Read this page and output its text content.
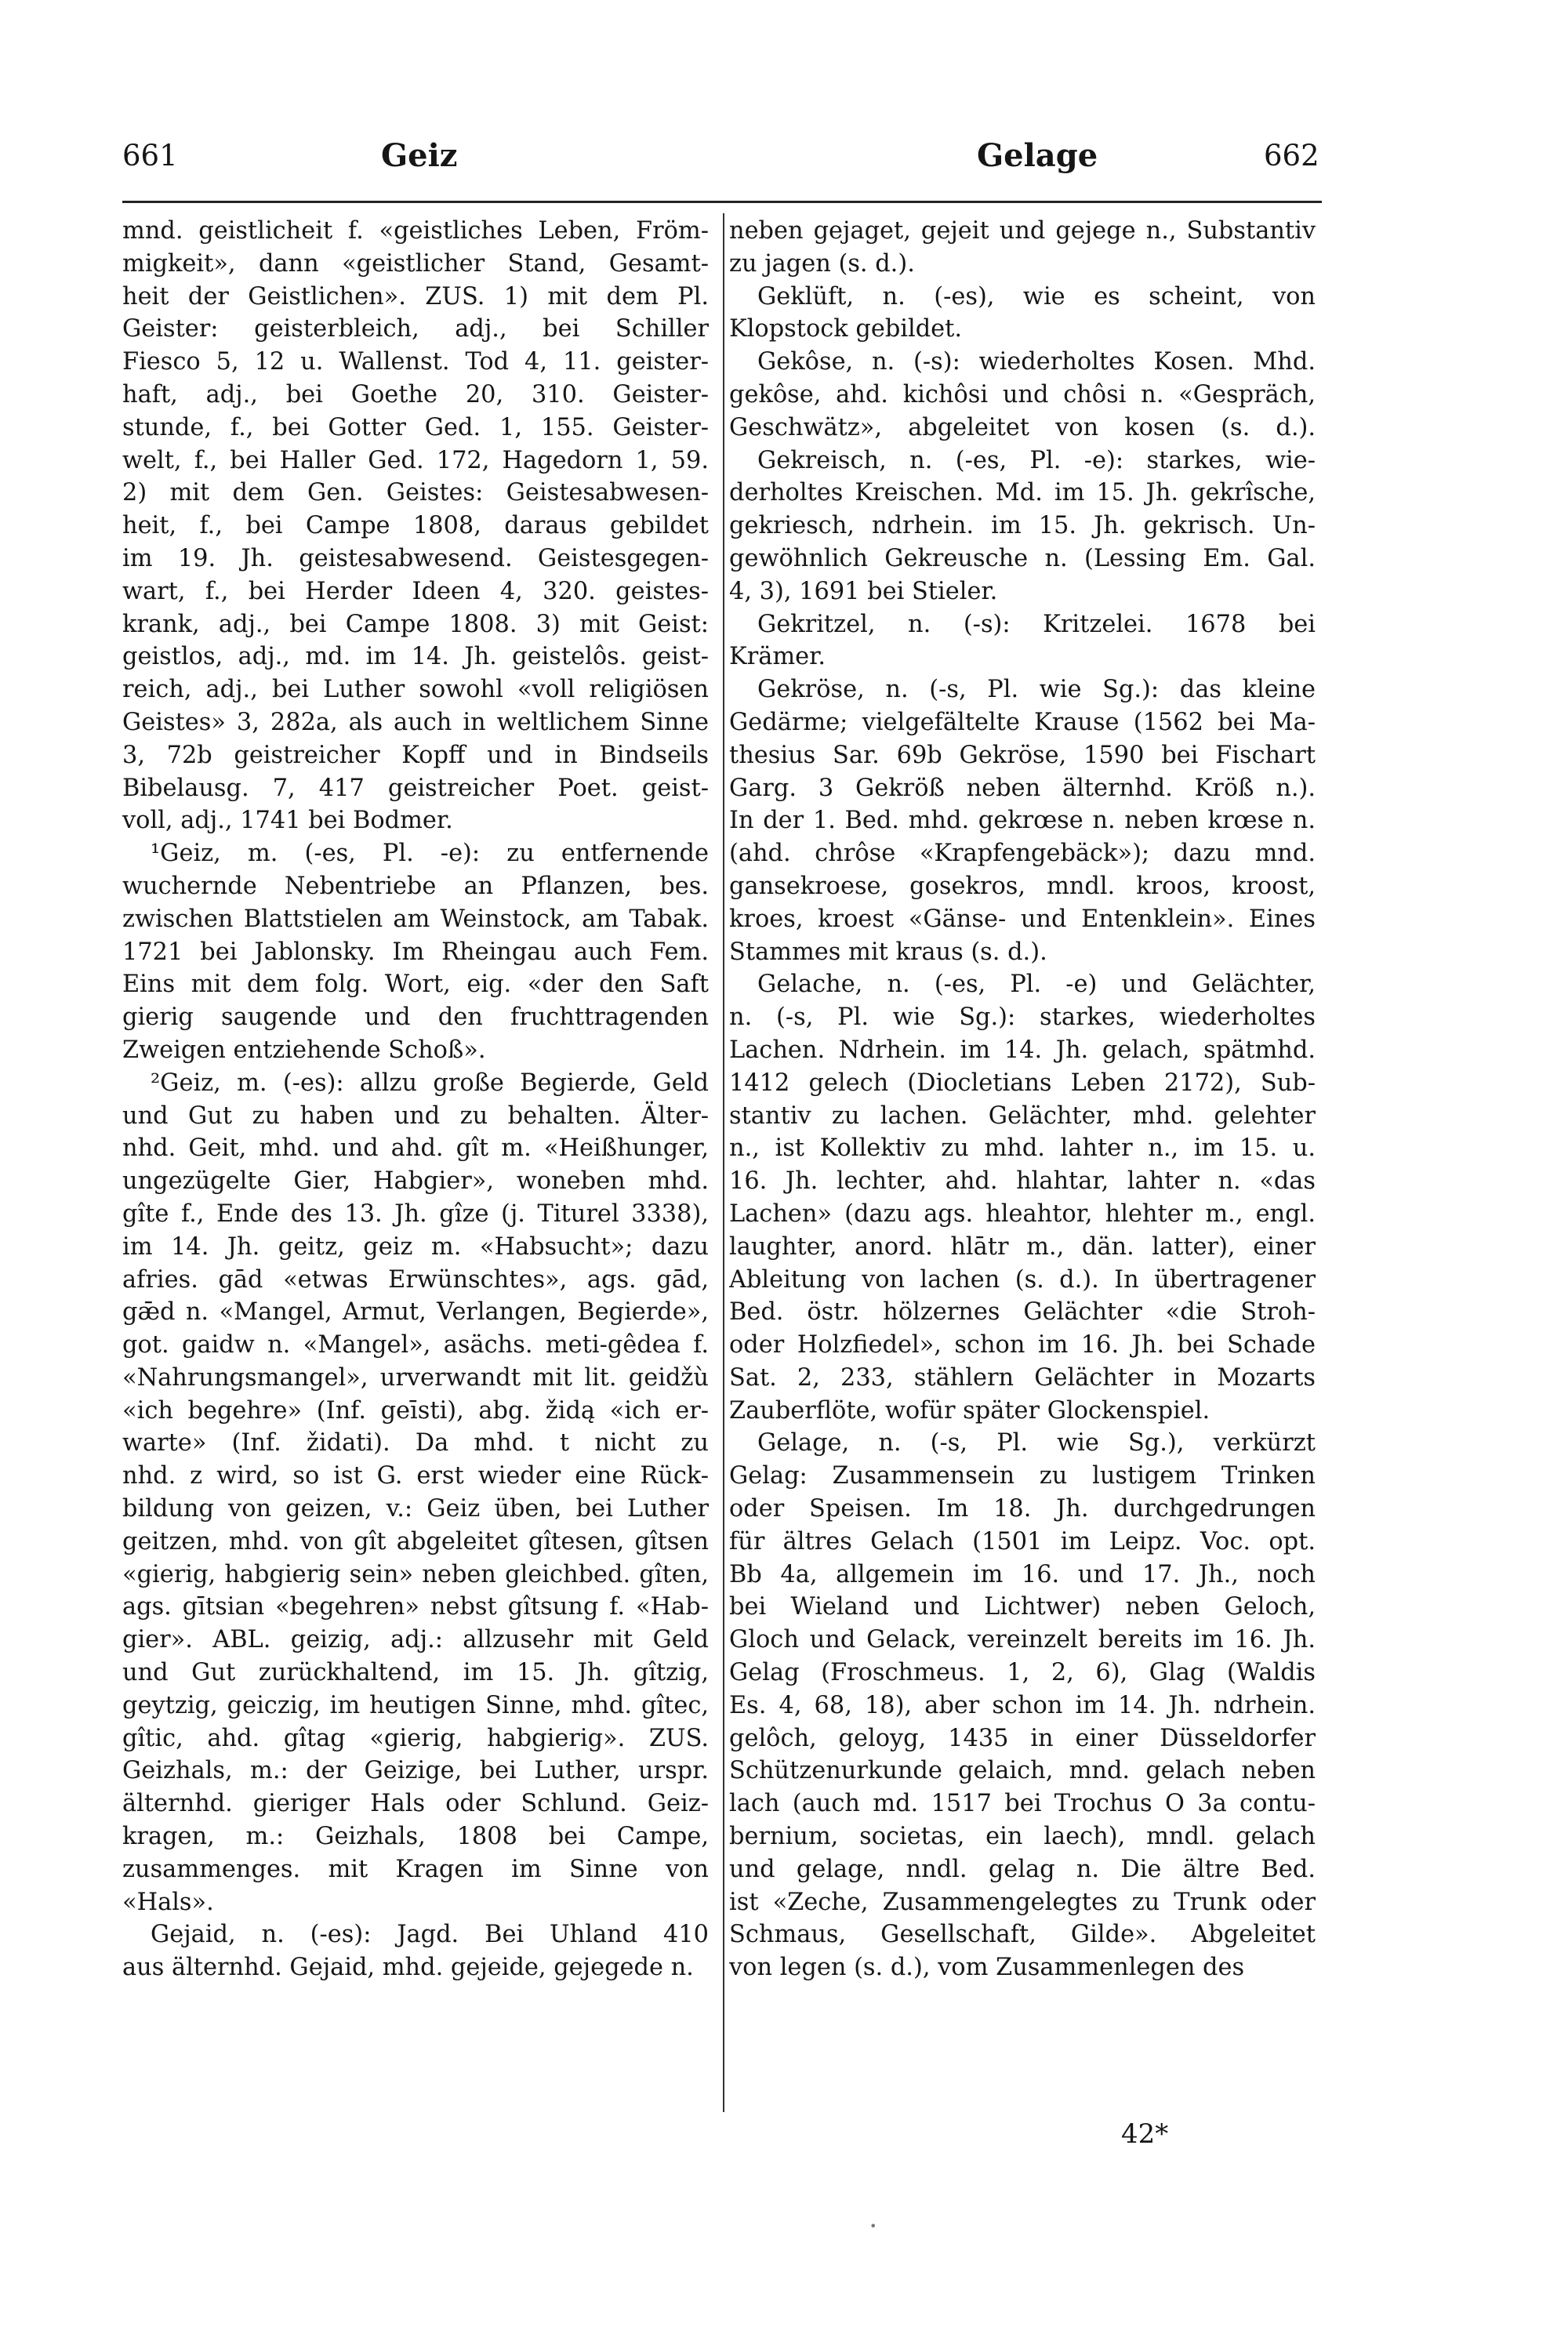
661	Geiz	Gelage	662
mnd. geistlicheit f. «geistliches Leben, Fröm-
migkeit», dann «geistlicher Stand, Gesamt-
heit der Geistlichen». ZUS. 1) mit dem Pl.
Geister: geisterbleich, adj., bei Schiller
Fiesco 5, 12 u. Wallenst. Tod 4, 11. geister-
haft, adj., bei Goethe 20, 310. Geister-
stunde, f., bei Gotter Ged. 1, 155. Geister-
welt, f., bei Haller Ged. 172, Hagedorn 1, 59.
2) mit dem Gen. Geistes: Geistesabwesen-
heit, f., bei Campe 1808, daraus gebildet
im 19. Jh. geistesabwesend. Geistesgegen-
wart, f., bei Herder Ideen 4, 320. geistes-
krank, adj., bei Campe 1808. 3) mit Geist:
geistlos, adj., md. im 14. Jh. geistelôs. geist-
reich, adj., bei Luther sowohl «voll religiösen
Geistes» 3, 282a, als auch in weltlichem Sinne
3, 72b geistreicher Kopff und in Bindseils
Bibelausg. 7, 417 geistreicher Poet. geist-
voll, adj., 1741 bei Bodmer.
¹Geiz, m. (-es, Pl. -e): zu entfernende
wuchernde Nebentriebe an Pflanzen, bes.
zwischen Blattstielen am Weinstock, am Tabak.
1721 bei Jablonsky. Im Rheingau auch Fem.
Eins mit dem folg. Wort, eig. «der den Saft
gierig saugende und den fruchttragenden
Zweigen entziehende Schoß».
²Geiz, m. (-es): allzu große Begierde, Geld
und Gut zu haben und zu behalten. Älter-
nhd. Geit, mhd. und ahd. gît m. «Heißhunger,
ungezügelte Gier, Habgier», woneben mhd.
gîte f., Ende des 13. Jh. gîze (j. Titurel 3338),
im 14. Jh. geitz, geiz m. «Habsucht»; dazu
afries. gād «etwas Erwünschtes», ags. gād,
gǣd n. «Mangel, Armut, Verlangen, Begierde»,
got. gaidw n. «Mangel», asächs. meti-gêdea f.
«Nahrungsmangel», urverwandt mit lit. geidžù
«ich begehre» (Inf. geīsti), abg. židą «ich er-
warte» (Inf. židati). Da mhd. t nicht zu
nhd. z wird, so ist G. erst wieder eine Rück-
bildung von geizen, v.: Geiz üben, bei Luther
geitzen, mhd. von gît abgeleitet gîtesen, gîtsen
«gierig, habgierig sein» neben gleichbed. gîten,
ags. gītsian «begehren» nebst gîtsung f. «Hab-
gier». ABL. geizig, adj.: allzusehr mit Geld
und Gut zurückhaltend, im 15. Jh. gîtzig,
geytzig, geiczig, im heutigen Sinne, mhd. gîtec,
gîtic, ahd. gîtag «gierig, habgierig». ZUS.
Geizhals, m.: der Geizige, bei Luther, urspr.
älternhd. gieriger Hals oder Schlund. Geiz-
kragen, m.: Geizhals, 1808 bei Campe,
zusammenges. mit Kragen im Sinne von
«Hals».
Gejaid, n. (-es): Jagd. Bei Uhland 410
aus älternhd. Gejaid, mhd. gejeide, gejegede n.
neben gejaget, gejeit und gejege n., Substantiv
zu jagen (s. d.).
Geklüft, n. (-es), wie es scheint, von
Klopstock gebildet.
Gekôse, n. (-s): wiederholtes Kosen. Mhd.
gekôse, ahd. kichôsi und chôsi n. «Gespräch,
Geschwätz», abgeleitet von kosen (s. d.).
Gekreisch, n. (-es, Pl. -e): starkes, wie-
derholtes Kreischen. Md. im 15. Jh. gekrîsche,
gekriesch, ndrhein. im 15. Jh. gekrisch. Un-
gewöhnlich Gekreusche n. (Lessing Em. Gal.
4, 3), 1691 bei Stieler.
Gekritzel, n. (-s): Kritzelei. 1678 bei
Krämer.
Gekröse, n. (-s, Pl. wie Sg.): das kleine
Gedärme; vielgefältelte Krause (1562 bei Ma-
thesius Sar. 69b Gekröse, 1590 bei Fischart
Garg. 3 Gekröß neben älternhd. Kröß n.).
In der 1. Bed. mhd. gekrœse n. neben krœse n.
(ahd. chrôse «Krapfengebäck»); dazu mnd.
gansekroese, gosekros, mndl. kroos, kroost,
kroes, kroest «Gänse- und Entenklein». Eines
Stammes mit kraus (s. d.).
Gelache, n. (-es, Pl. -e) und Gelächter,
n. (-s, Pl. wie Sg.): starkes, wiederholtes
Lachen. Ndrhein. im 14. Jh. gelach, spätmhd.
1412 gelech (Diocletians Leben 2172), Sub-
stantiv zu lachen. Gelächter, mhd. gelehter
n., ist Kollektiv zu mhd. lahter n., im 15. u.
16. Jh. lechter, ahd. hlahtar, lahter n. «das
Lachen» (dazu ags. hleahtor, hlehter m., engl.
laughter, anord. hlātr m., dän. latter), einer
Ableitung von lachen (s. d.). In übertragener
Bed. östr. hölzernes Gelächter «die Stroh-
oder Holzfiedel», schon im 16. Jh. bei Schade
Sat. 2, 233, stählern Gelächter in Mozarts
Zauberflöte, wofür später Glockenspiel.
Gelage, n. (-s, Pl. wie Sg.), verkürzt
Gelag: Zusammensein zu lustigem Trinken
oder Speisen. Im 18. Jh. durchgedrungen
für ältres Gelach (1501 im Leipz. Voc. opt.
Bb 4a, allgemein im 16. und 17. Jh., noch
bei Wieland und Lichtwer) neben Geloch,
Gloch und Gelack, vereinzelt bereits im 16. Jh.
Gelag (Froschmeus. 1, 2, 6), Glag (Waldis
Es. 4, 68, 18), aber schon im 14. Jh. ndrhein.
gelôch, geloyg, 1435 in einer Düsseldorfer
Schützenurkunde gelaich, mnd. gelach neben
lach (auch md. 1517 bei Trochus O 3a contu-
bernium, societas, ein laech), mndl. gelach
und gelage, nndl. gelag n. Die ältre Bed.
ist «Zeche, Zusammengelegtes zu Trunk oder
Schmaus, Gesellschaft, Gilde». Abgeleitet
von legen (s. d.), vom Zusammenlegen des
42*
•
